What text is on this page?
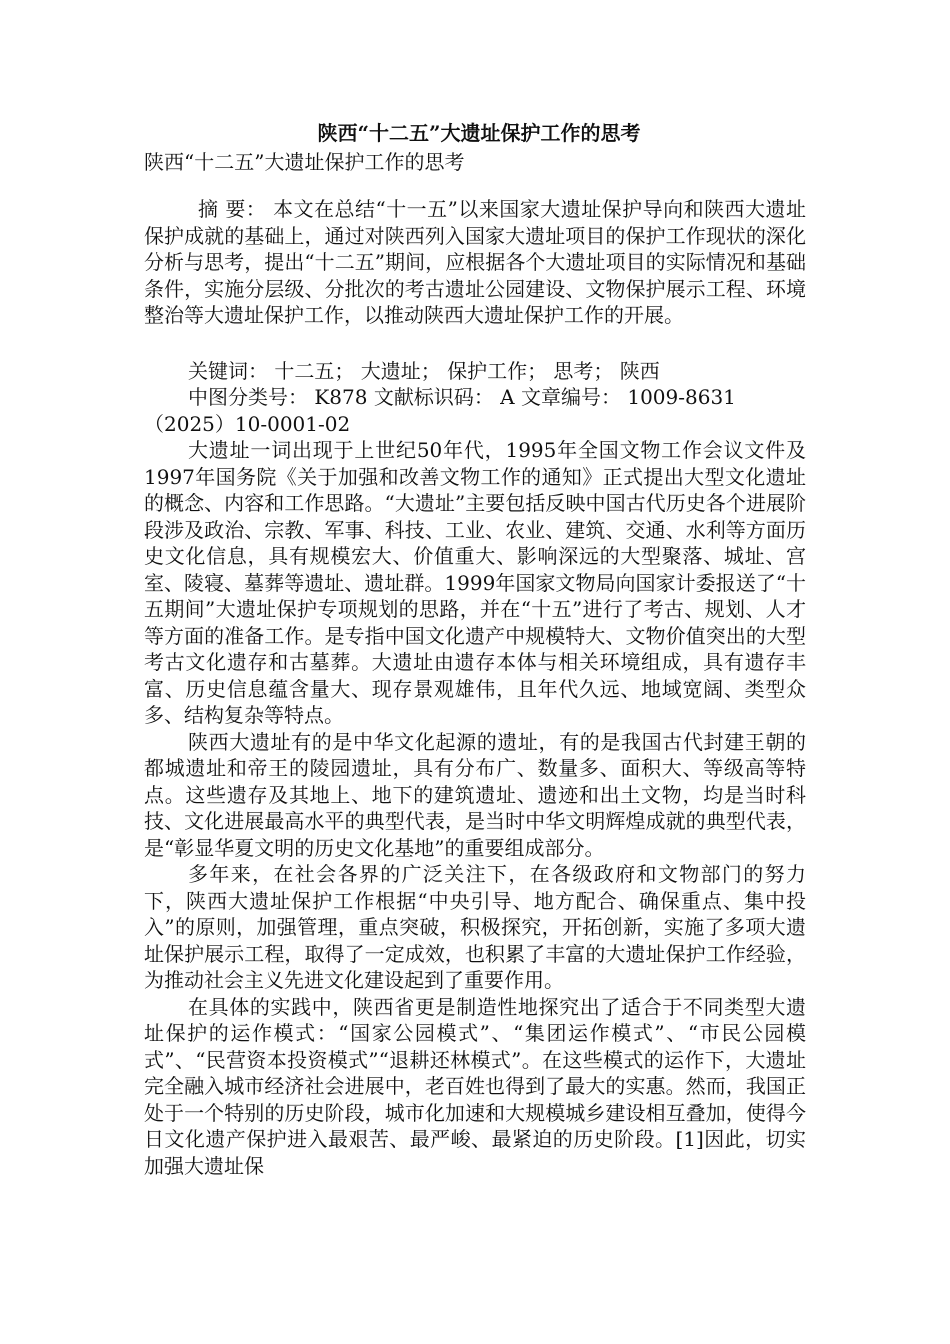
陕西“十二五”大遗址保护工作的思考

陕西“十二五”大遗址保护工作的思考

摘 要： 本文在总结“十一五”以来国家大遗址保护导向和陕西大遗址保护成就的基础上，通过对陕西列入国家大遗址项目的保护工作现状的深化分析与思考，提出“十二五”期间，应根据各个大遗址项目的实际情况和基础条件，实施分层级、分批次的考古遗址公园建设、文物保护展示工程、环境整治等大遗址保护工作，以推动陕西大遗址保护工作的开展。

关键词： 十二五； 大遗址； 保护工作； 思考； 陕西

中图分类号： K878 文献标识码： A 文章编号： 1009-8631（2025）10-0001-02

大遗址一词出现于上世纪50年代，1995年全国文物工作会议文件及1997年国务院《关于加强和改善文物工作的通知》正式提出大型文化遗址的概念、内容和工作思路。“大遗址”主要包括反映中国古代历史各个进展阶段涉及政治、宗教、军事、科技、工业、农业、建筑、交通、水利等方面历史文化信息，具有规模宏大、价值重大、影响深远的大型聚落、城址、宫室、陵寝、墓葬等遗址、遗址群。1999年国家文物局向国家计委报送了“十五期间”大遗址保护专项规划的思路，并在“十五”进行了考古、规划、人才等方面的准备工作。是专指中国文化遗产中规模特大、文物价值突出的大型考古文化遗存和古墓葬。大遗址由遗存本体与相关环境组成，具有遗存丰富、历史信息蕴含量大、现存景观雄伟，且年代久远、地域宽阔、类型众多、结构复杂等特点。

陕西大遗址有的是中华文化起源的遗址，有的是我国古代封建王朝的都城遗址和帝王的陵园遗址，具有分布广、数量多、面积大、等级高等特点。这些遗存及其地上、地下的建筑遗址、遗迹和出土文物，均是当时科技、文化进展最高水平的典型代表，是当时中华文明辉煌成就的典型代表，是“彰显华夏文明的历史文化基地”的重要组成部分。

多年来，在社会各界的广泛关注下，在各级政府和文物部门的努力下，陕西大遗址保护工作根据“中央引导、地方配合、确保重点、集中投入”的原则，加强管理，重点突破，积极探究，开拓创新，实施了多项大遗址保护展示工程，取得了一定成效，也积累了丰富的大遗址保护工作经验，为推动社会主义先进文化建设起到了重要作用。

在具体的实践中，陕西省更是制造性地探究出了适合于不同类型大遗址保护的运作模式：“国家公园模式”、“集团运作模式”、“市民公园模式”、“民营资本投资模式”“退耕还林模式”。在这些模式的运作下，大遗址完全融入城市经济社会进展中，老百姓也得到了最大的实惠。然而，我国正处于一个特别的历史阶段，城市化加速和大规模城乡建设相互叠加，使得今日文化遗产保护进入最艰苦、最严峻、最紧迫的历史阶段。[1]因此，切实加强大遗址保
